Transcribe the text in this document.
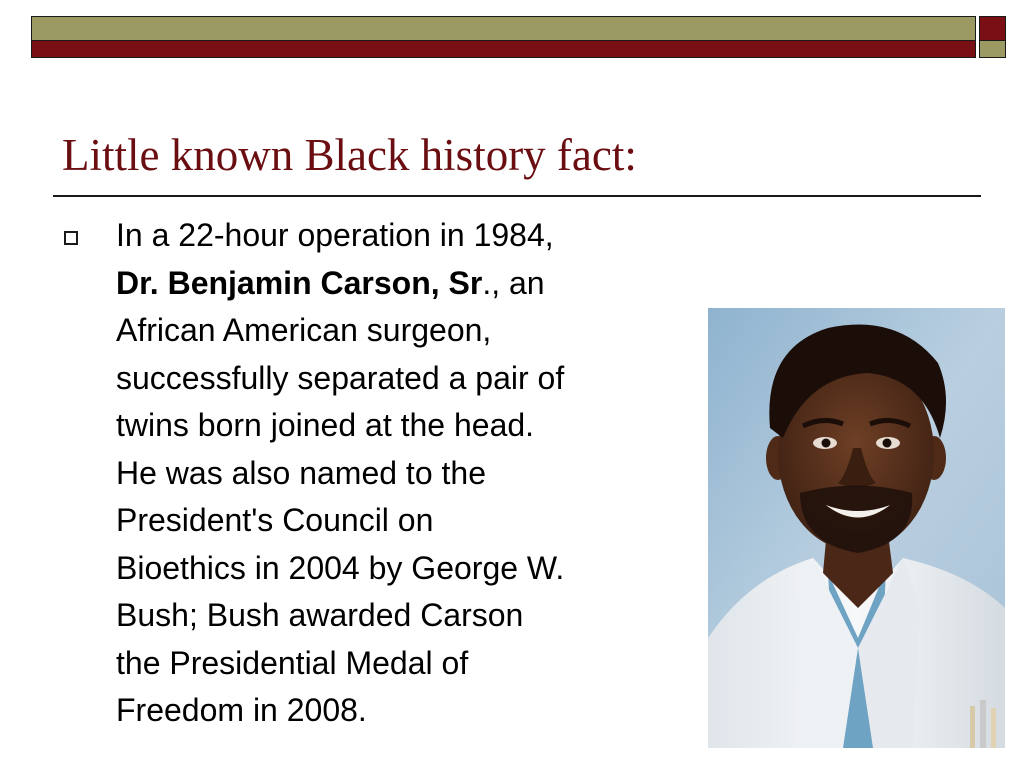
Little known Black history fact:

In a 22-hour operation in 1984,
Dr. Benjamin Carson, Sr., an
African American surgeon,
successfully separated a pair of
twins born joined at the head.
He was also named to the
President's Council on
Bioethics in 2004 by George W.
Bush; Bush awarded Carson
the Presidential Medal of
Freedom in 2008.
